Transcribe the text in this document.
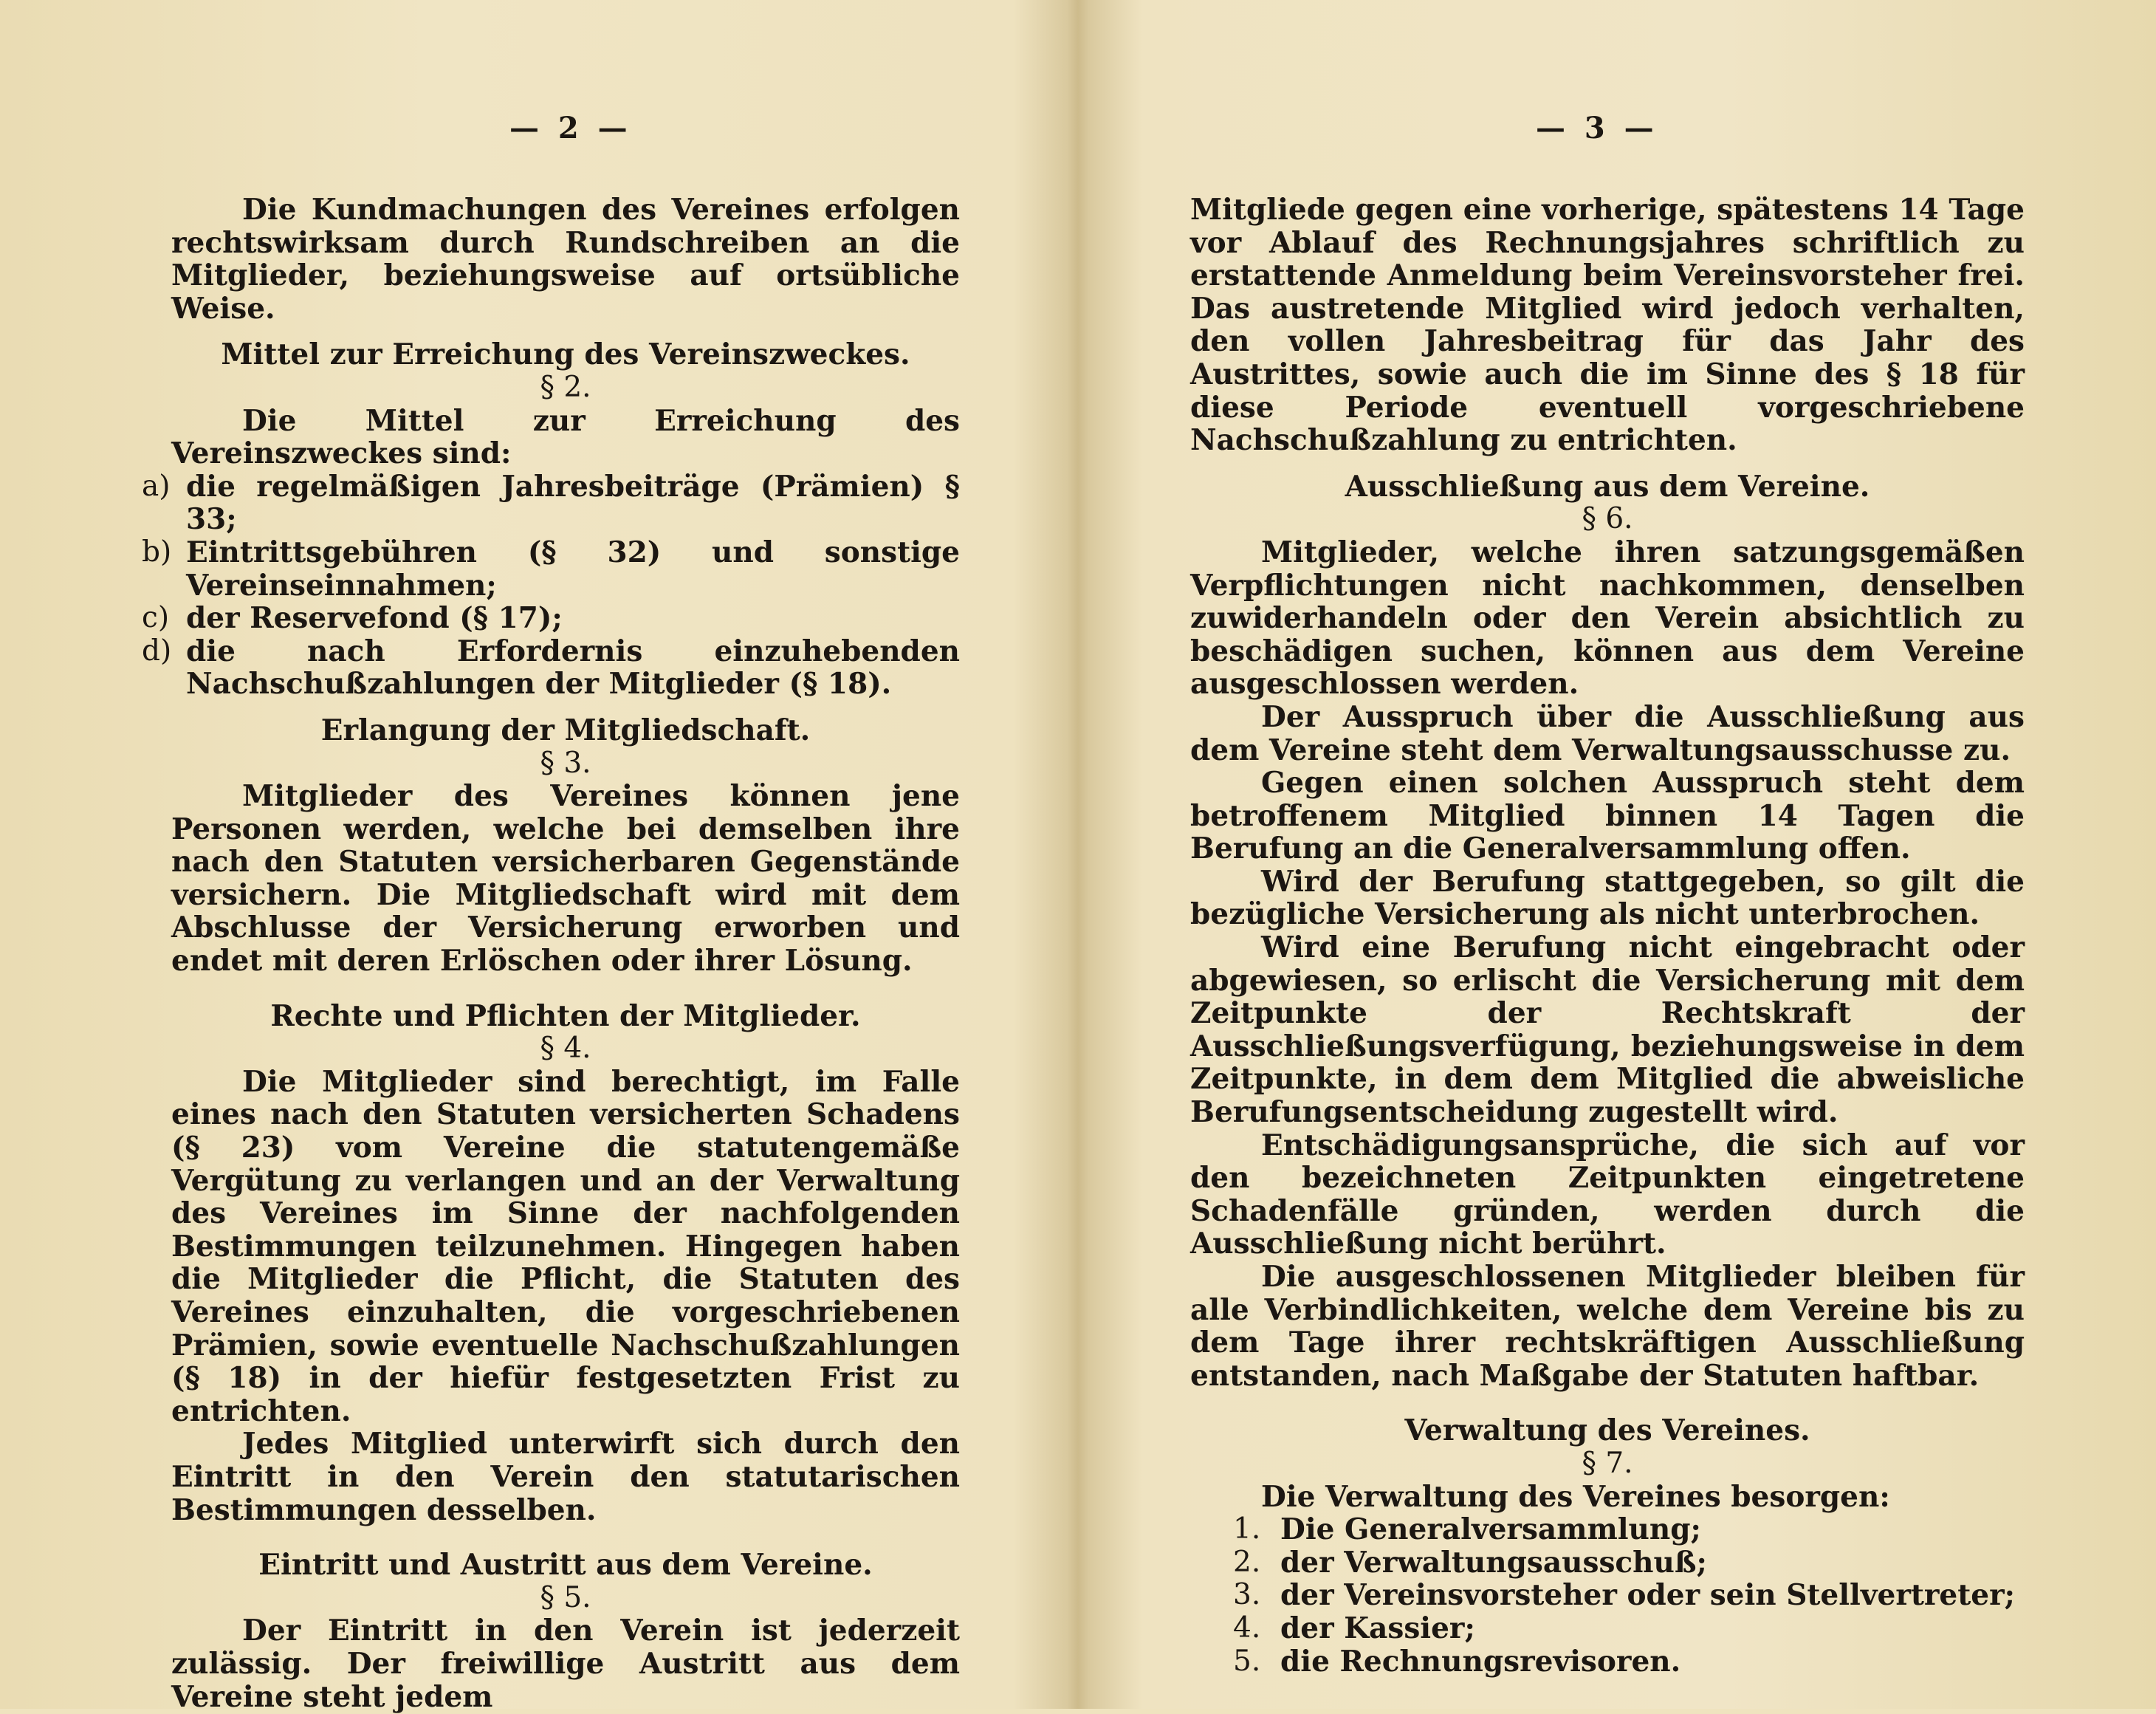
— 2 —

Die Kundmachungen des Vereines erfolgen rechtswirksam durch Rundschreiben an die Mitglieder, beziehungsweise auf ortsübliche Weise.

Mittel zur Erreichung des Vereinszweckes.

§ 2.

Die Mittel zur Erreichung des Vereinszweckes sind:

a) die regelmäßigen Jahresbeiträge (Prämien) § 33;
b) Eintrittsgebühren (§ 32) und sonstige Vereinseinnahmen;
c) der Reservefond (§ 17);
d) die nach Erfordernis einzuhebenden Nachschußzahlungen der Mitglieder (§ 18).

Erlangung der Mitgliedschaft.

§ 3.

Mitglieder des Vereines können jene Personen werden, welche bei demselben ihre nach den Statuten versicherbaren Gegenstände versichern. Die Mitgliedschaft wird mit dem Abschlusse der Versicherung erworben und endet mit deren Erlöschen oder ihrer Lösung.

Rechte und Pflichten der Mitglieder.

§ 4.

Die Mitglieder sind berechtigt, im Falle eines nach den Statuten versicherten Schadens (§ 23) vom Vereine die statutengemäße Vergütung zu verlangen und an der Verwaltung des Vereines im Sinne der nachfolgenden Bestimmungen teilzunehmen. Hingegen haben die Mitglieder die Pflicht, die Statuten des Vereines einzuhalten, die vorgeschriebenen Prämien, sowie eventuelle Nachschußzahlungen (§ 18) in der hiefür festgesetzten Frist zu entrichten.

Jedes Mitglied unterwirft sich durch den Eintritt in den Verein den statutarischen Bestimmungen desselben.

Eintritt und Austritt aus dem Vereine.

§ 5.

Der Eintritt in den Verein ist jederzeit zulässig. Der freiwillige Austritt aus dem Vereine steht jedem

— 3 —

Mitgliede gegen eine vorherige, spätestens 14 Tage vor Ablauf des Rechnungsjahres schriftlich zu erstattende Anmeldung beim Vereinsvorsteher frei. Das austretende Mitglied wird jedoch verhalten, den vollen Jahresbeitrag für das Jahr des Austrittes, sowie auch die im Sinne des § 18 für diese Periode eventuell vorgeschriebene Nachschußzahlung zu entrichten.

Ausschließung aus dem Vereine.

§ 6.

Mitglieder, welche ihren satzungsgemäßen Verpflichtungen nicht nachkommen, denselben zuwiderhandeln oder den Verein absichtlich zu beschädigen suchen, können aus dem Vereine ausgeschlossen werden.

Der Ausspruch über die Ausschließung aus dem Vereine steht dem Verwaltungsausschusse zu.

Gegen einen solchen Ausspruch steht dem betroffenem Mitglied binnen 14 Tagen die Berufung an die Generalversammlung offen.

Wird der Berufung stattgegeben, so gilt die bezügliche Versicherung als nicht unterbrochen.

Wird eine Berufung nicht eingebracht oder abgewiesen, so erlischt die Versicherung mit dem Zeitpunkte der Rechtskraft der Ausschließungsverfügung, beziehungsweise in dem Zeitpunkte, in dem dem Mitglied die abweisliche Berufungsentscheidung zugestellt wird.

Entschädigungsansprüche, die sich auf vor den bezeichneten Zeitpunkten eingetretene Schadenfälle gründen, werden durch die Ausschließung nicht berührt.

Die ausgeschlossenen Mitglieder bleiben für alle Verbindlichkeiten, welche dem Vereine bis zu dem Tage ihrer rechtskräftigen Ausschließung entstanden, nach Maßgabe der Statuten haftbar.

Verwaltung des Vereines.

§ 7.

Die Verwaltung des Vereines besorgen:

1. Die Generalversammlung;
2. der Verwaltungsausschuß;
3. der Vereinsvorsteher oder sein Stellvertreter;
4. der Kassier;
5. die Rechnungsrevisoren.
